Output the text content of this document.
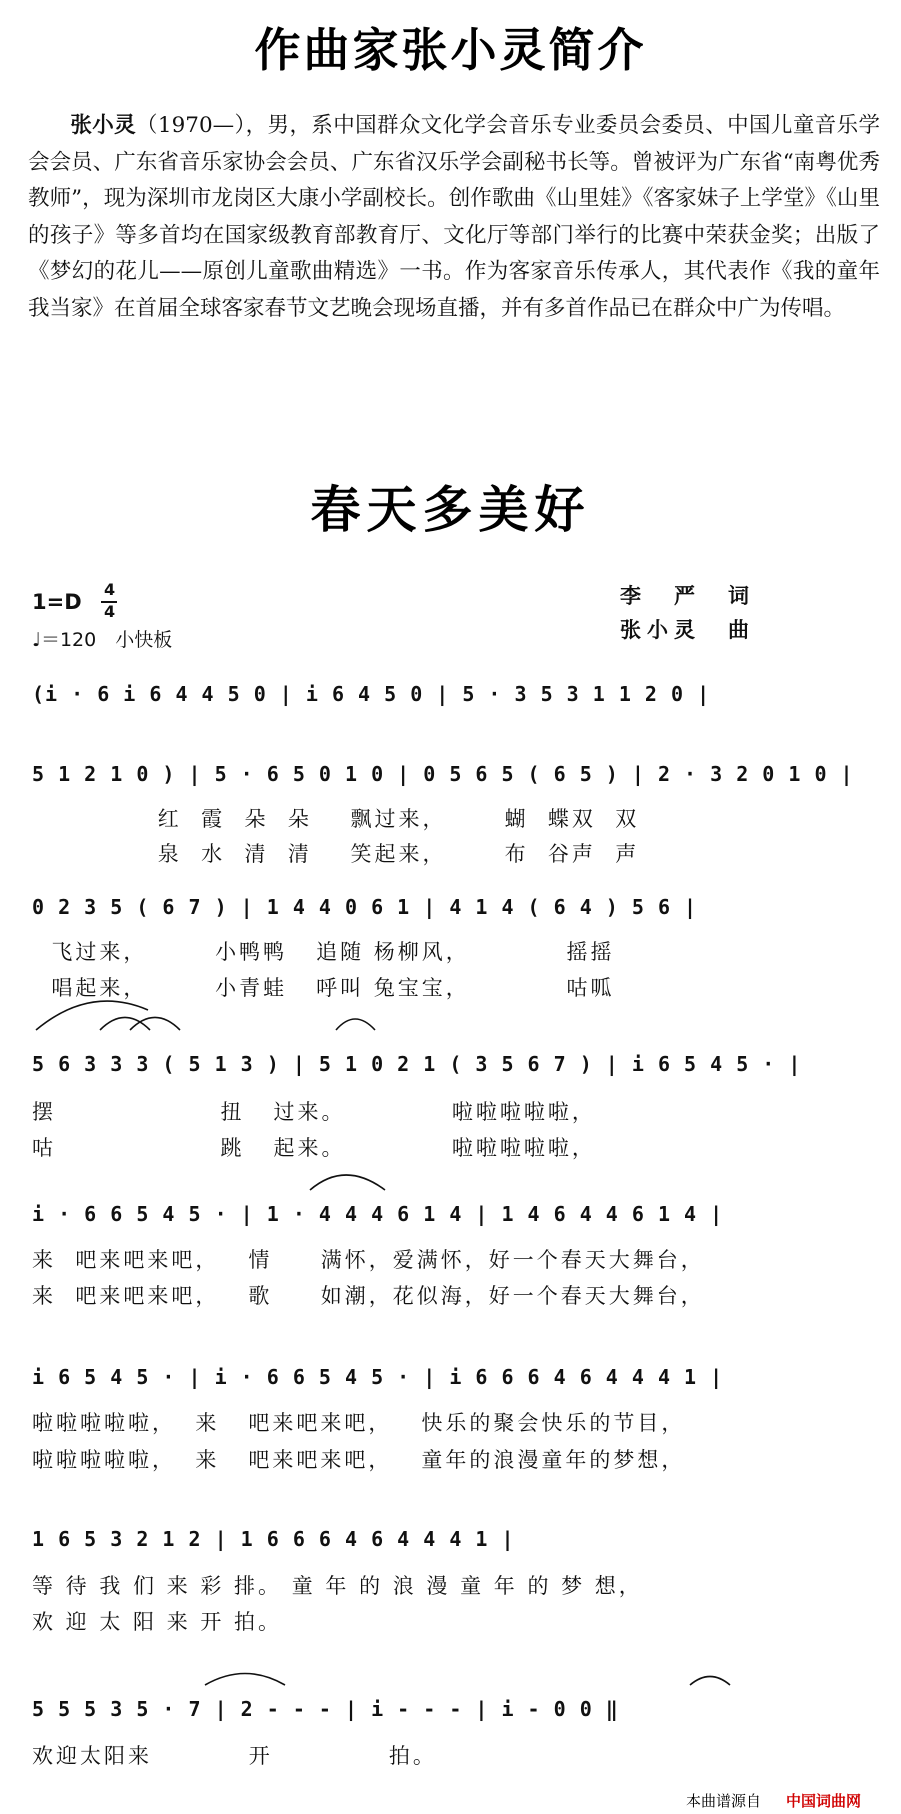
作曲家张小灵简介
张小灵（1970—），男，系中国群众文化学会音乐专业委员会委员、中国儿童音乐学会会员、广东省音乐家协会会员、广东省汉乐学会副秘书长等。曾被评为广东省“南粤优秀教师”，现为深圳市龙岗区大康小学副校长。创作歌曲《山里娃》《客家妹子上学堂》《山里的孩子》等多首均在国家级教育部教育厅、文化厅等部门举行的比赛中荣获金奖；出版了《梦幻的花儿——原创儿童歌曲精选》一书。作为客家音乐传承人，其代表作《我的童年我当家》在首届全球客家春节文艺晚会现场直播，并有多首作品已在群众中广为传唱。
春天多美好
1=D
4
4
♩＝120　小快板
李　严　词
张小灵　曲
(i · 6 i 6 4 4 5 0 | i 6 4 5 0 | 5 · 3 5 3 1 1 2 0 |
5 1 2 1 0 ) | 5 · 6 5 0 1 0 | 0 5 6 5 ( 6 5 ) | 2 · 3 2 0 1 0 |
红  霞  朵  朵    飘过来，      蝴  蝶双  双
泉  水  清  清    笑起来，      布  谷声  声
0 2 3 5 ( 6 7 ) | 1 4 4 0 6 1 | 4 1 4 ( 6 4 ) 5 6 |
飞过来，       小鸭鸭   追随 杨柳风，          摇摇
唱起来，       小青蛙   呼叫 兔宝宝，          咕呱
5 6 3 3 3 ( 5 1 3 ) | 5 1 0 2 1 ( 3 5 6 7 ) | i 6 5 4 5 · |
摆                 扭   过来。           啦啦啦啦啦，
咕                 跳   起来。           啦啦啦啦啦，
i · 6 6 5 4 5 · | 1 · 4 4 4 6 1 4 | 1 4 6 4 4 6 1 4 |
来  吧来吧来吧，   情     满怀，爱满怀，好一个春天大舞台，
来  吧来吧来吧，   歌     如潮，花似海，好一个春天大舞台，
i 6 5 4 5 · | i · 6 6 5 4 5 · | i 6 6 6 4 6 4 4 4 1 |
啦啦啦啦啦，  来   吧来吧来吧，   快乐的聚会快乐的节目，
啦啦啦啦啦，  来   吧来吧来吧，   童年的浪漫童年的梦想，
1 6 5 3 2 1 2 | 1 6 6 6 4 6 4 4 4 1 |
等 待 我 们 来 彩 排。 童 年 的 浪 漫 童 年 的 梦 想，
欢 迎 太 阳 来 开 拍。
5 5 5 3 5 · 7 | 2 - - - | i - - - | i - 0 0 ‖
欢迎太阳来          开            拍。
本曲谱源自 中国词曲网
